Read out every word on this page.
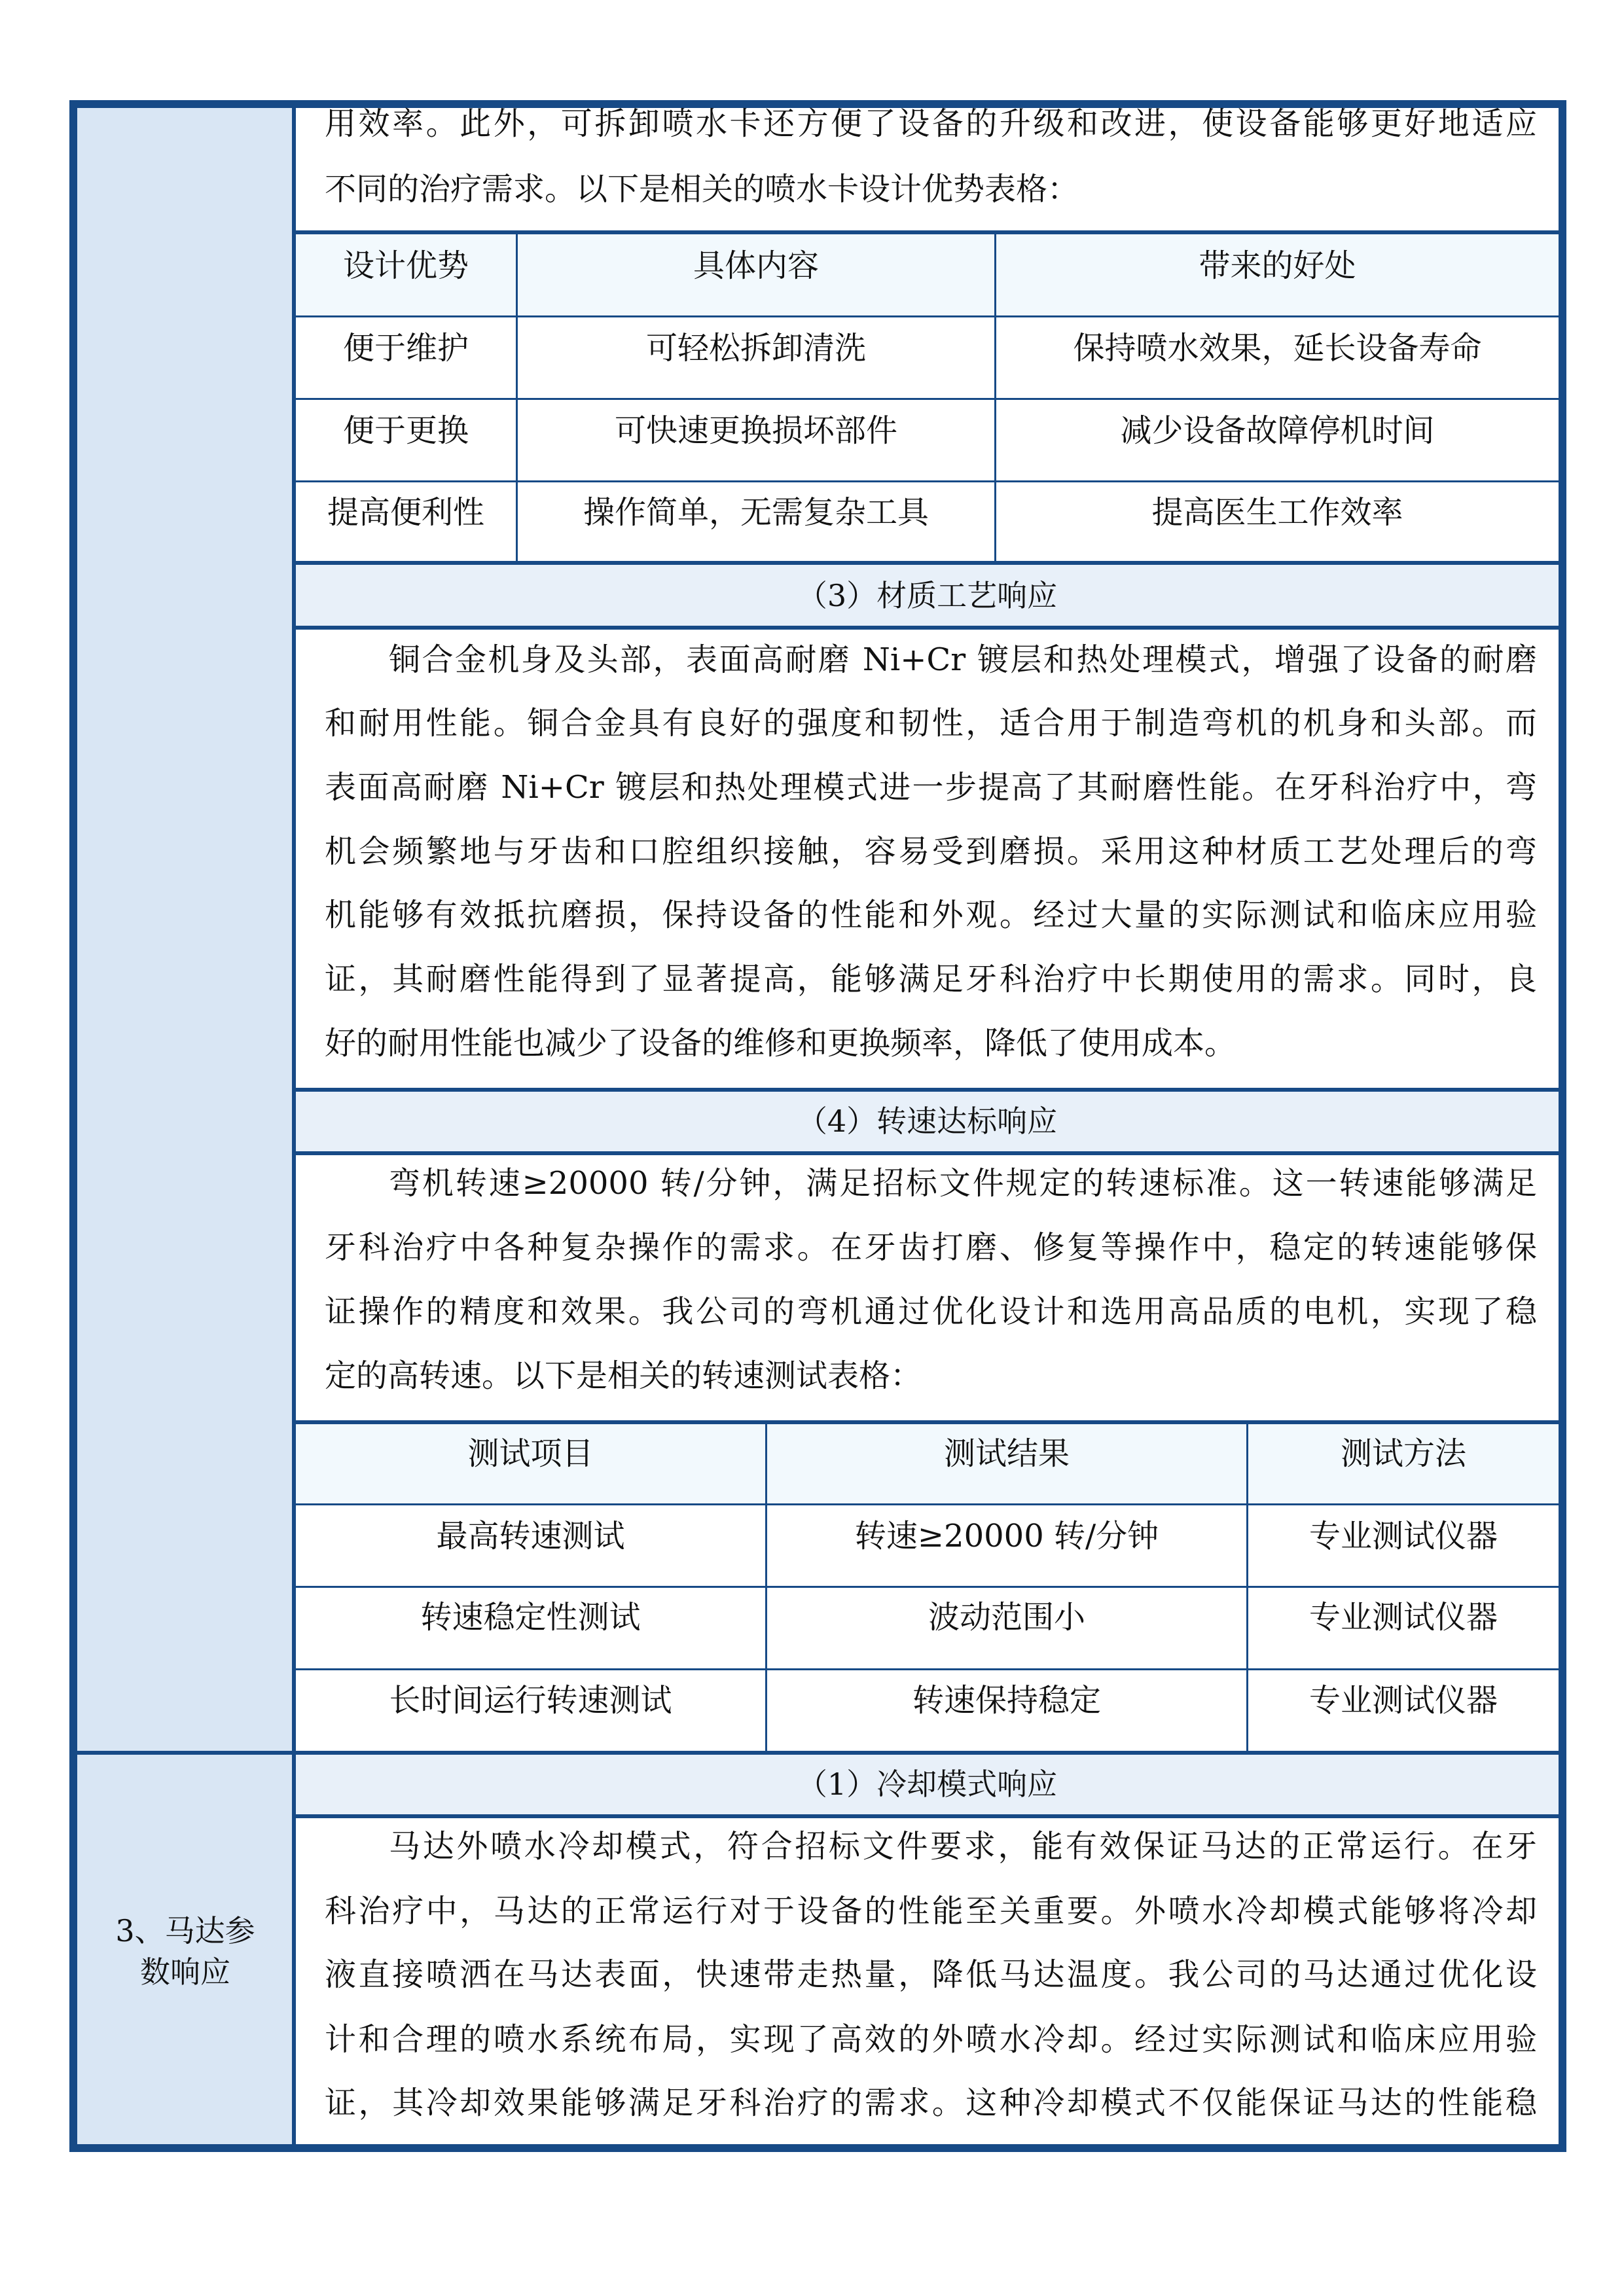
用效率。此外，可拆卸喷水卡还方便了设备的升级和改进，使设备能够更好地适应
不同的治疗需求。以下是相关的喷水卡设计优势表格：
设计优势	具体内容	带来的好处
便于维护	可轻松拆卸清洗	保持喷水效果，延长设备寿命
便于更换	可快速更换损坏部件	减少设备故障停机时间
提高便利性	操作简单，无需复杂工具	提高医生工作效率
（3）材质工艺响应
铜合金机身及头部，表面高耐磨 Ni+Cr 镀层和热处理模式，增强了设备的耐磨
和耐用性能。铜合金具有良好的强度和韧性，适合用于制造弯机的机身和头部。而
表面高耐磨 Ni+Cr 镀层和热处理模式进一步提高了其耐磨性能。在牙科治疗中，弯
机会频繁地与牙齿和口腔组织接触，容易受到磨损。采用这种材质工艺处理后的弯
机能够有效抵抗磨损，保持设备的性能和外观。经过大量的实际测试和临床应用验
证，其耐磨性能得到了显著提高，能够满足牙科治疗中长期使用的需求。同时，良
好的耐用性能也减少了设备的维修和更换频率，降低了使用成本。
（4）转速达标响应
弯机转速≥20000 转/分钟，满足招标文件规定的转速标准。这一转速能够满足
牙科治疗中各种复杂操作的需求。在牙齿打磨、修复等操作中，稳定的转速能够保
证操作的精度和效果。我公司的弯机通过优化设计和选用高品质的电机，实现了稳
定的高转速。以下是相关的转速测试表格：
测试项目	测试结果	测试方法
最高转速测试	转速≥20000 转/分钟	专业测试仪器
转速稳定性测试	波动范围小	专业测试仪器
长时间运行转速测试	转速保持稳定	专业测试仪器
3、马达参
数响应
（1）冷却模式响应
马达外喷水冷却模式，符合招标文件要求，能有效保证马达的正常运行。在牙
科治疗中，马达的正常运行对于设备的性能至关重要。外喷水冷却模式能够将冷却
液直接喷洒在马达表面，快速带走热量，降低马达温度。我公司的马达通过优化设
计和合理的喷水系统布局，实现了高效的外喷水冷却。经过实际测试和临床应用验
证，其冷却效果能够满足牙科治疗的需求。这种冷却模式不仅能保证马达的性能稳
